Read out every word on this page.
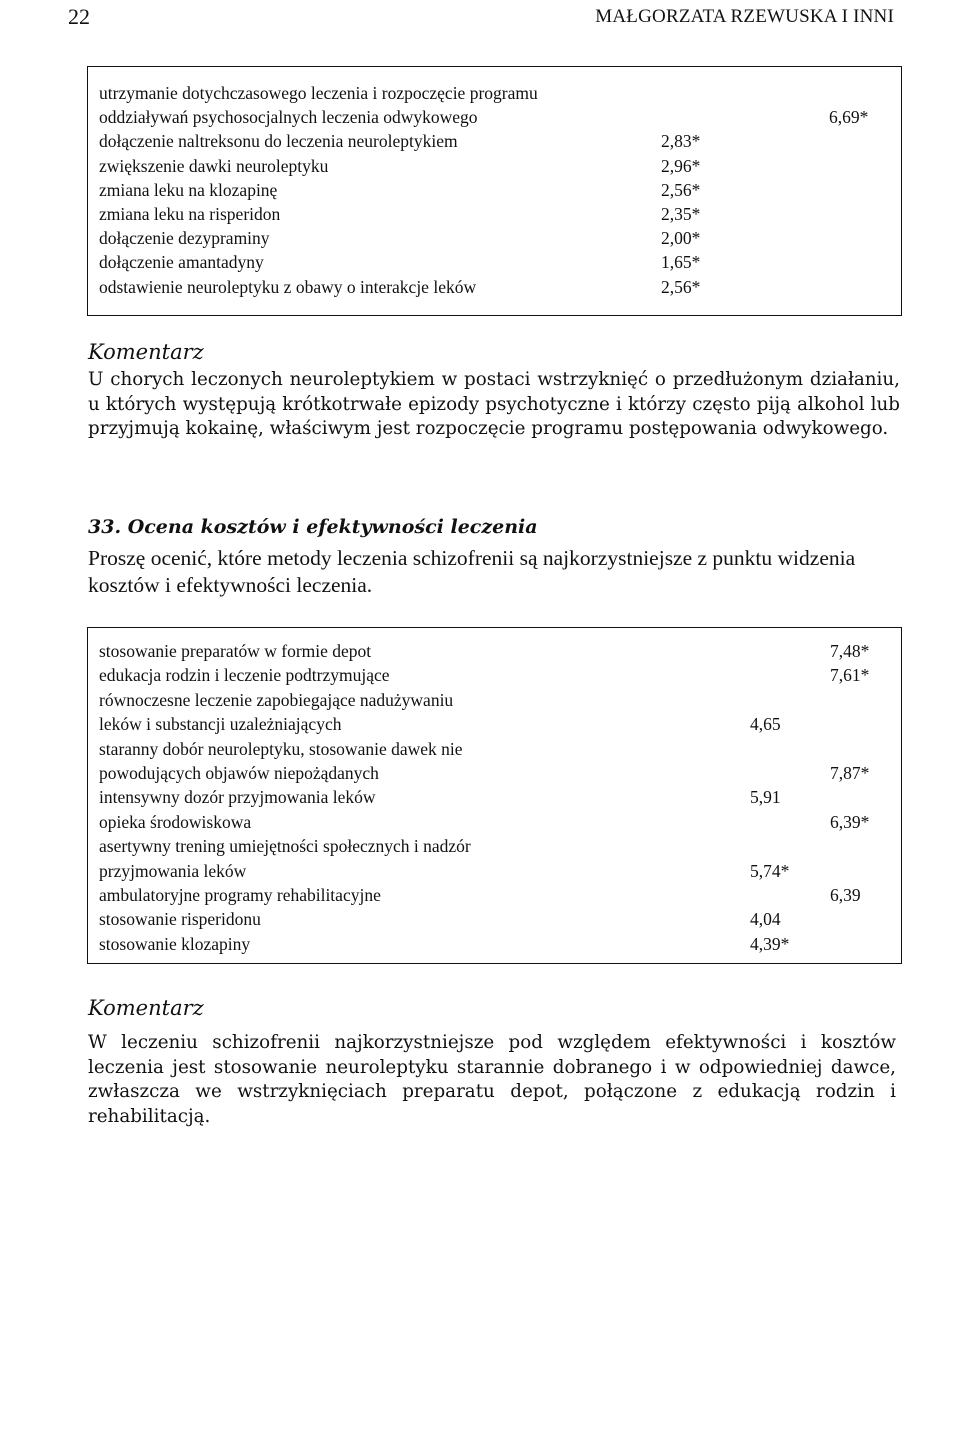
22	MAŁGORZATA RZEWUSKA I INNI
utrzymanie dotychczasowego leczenia i rozpoczęcie programu
oddziaływań psychosocjalnych leczenia odwykowego	6,69*
dołączenie naltreksonu do leczenia neuroleptykiem	2,83*
zwiększenie dawki neuroleptyku	2,96*
zmiana leku na klozapinę	2,56*
zmiana leku na risperidon	2,35*
dołączenie dezypraminy	2,00*
dołączenie amantadyny	1,65*
odstawienie neuroleptyku z obawy o interakcje leków	2,56*
Komentarz
U chorych leczonych neuroleptykiem w postaci wstrzyknięć o przedłużonym działaniu, u których występują krótkotrwałe epizody psychotyczne i którzy często piją alkohol lub przyjmują kokainę, właściwym jest rozpoczęcie programu postępowania odwykowego.
33. Ocena kosztów i efektywności leczenia
Proszę ocenić, które metody leczenia schizofrenii są najkorzystniejsze z punktu widzenia kosztów i efektywności leczenia.
stosowanie preparatów w formie depot	7,48*
edukacja rodzin i leczenie podtrzymujące	7,61*
równoczesne leczenie zapobiegające nadużywaniu
leków i substancji uzależniających	4,65
staranny dobór neuroleptyku, stosowanie dawek nie
powodujących objawów niepożądanych	7,87*
intensywny dozór przyjmowania leków	5,91
opieka środowiskowa	6,39*
asertywny trening umiejętności społecznych i nadzór
przyjmowania leków	5,74*
ambulatoryjne programy rehabilitacyjne	6,39
stosowanie risperidonu	4,04
stosowanie klozapiny	4,39*
Komentarz
W leczeniu schizofrenii najkorzystniejsze pod względem efektywności i kosztów leczenia jest stosowanie neuroleptyku starannie dobranego i w odpowiedniej dawce, zwłaszcza we wstrzyknięciach preparatu depot, połączone z edukacją rodzin i rehabilitacją.
